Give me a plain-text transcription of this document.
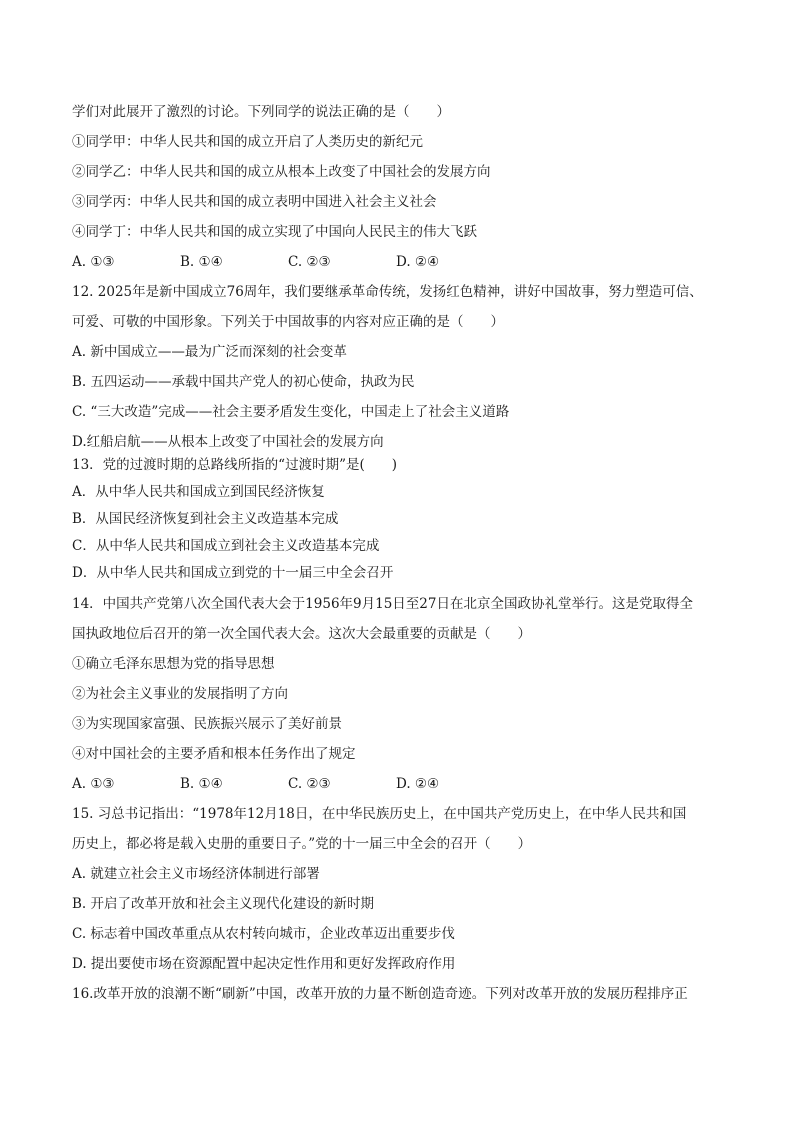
学们对此展开了激烈的讨论。下列同学的说法正确的是（　　）
①同学甲：中华人民共和国的成立开启了人类历史的新纪元
②同学乙：中华人民共和国的成立从根本上改变了中国社会的发展方向
③同学丙：中华人民共和国的成立表明中国进入社会主义社会
④同学丁：中华人民共和国的成立实现了中国向人民民主的伟大飞跃
A. ①③	B. ①④	C. ②③	D. ②④
12. 2025年是新中国成立76周年，我们要继承革命传统，发扬红色精神，讲好中国故事，努力塑造可信、
可爱、可敬的中国形象。下列关于中国故事的内容对应正确的是（　　）
A. 新中国成立——最为广泛而深刻的社会变革
B. 五四运动——承载中国共产党人的初心使命，执政为民
C. “三大改造”完成——社会主要矛盾发生变化，中国走上了社会主义道路
D.红船启航——从根本上改变了中国社会的发展方向
13．党的过渡时期的总路线所指的“过渡时期”是(　　)
A．从中华人民共和国成立到国民经济恢复
B．从国民经济恢复到社会主义改造基本完成
C．从中华人民共和国成立到社会主义改造基本完成
D．从中华人民共和国成立到党的十一届三中全会召开
14．中国共产党第八次全国代表大会于1956年9月15日至27日在北京全国政协礼堂举行。这是党取得全
国执政地位后召开的第一次全国代表大会。这次大会最重要的贡献是（　　）
①确立毛泽东思想为党的指导思想
②为社会主义事业的发展指明了方向
③为实现国家富强、民族振兴展示了美好前景
④对中国社会的主要矛盾和根本任务作出了规定
A. ①③	B. ①④	C. ②③	D. ②④
15. 习总书记指出：“1978年12月18日，在中华民族历史上，在中国共产党历史上，在中华人民共和国
历史上，都必将是载入史册的重要日子。”党的十一届三中全会的召开（　　）
A. 就建立社会主义市场经济体制进行部署
B. 开启了改革开放和社会主义现代化建设的新时期
C. 标志着中国改革重点从农村转向城市，企业改革迈出重要步伐
D. 提出要使市场在资源配置中起决定性作用和更好发挥政府作用
16.改革开放的浪潮不断“刷新”中国，改革开放的力量不断创造奇迹。下列对改革开放的发展历程排序正
